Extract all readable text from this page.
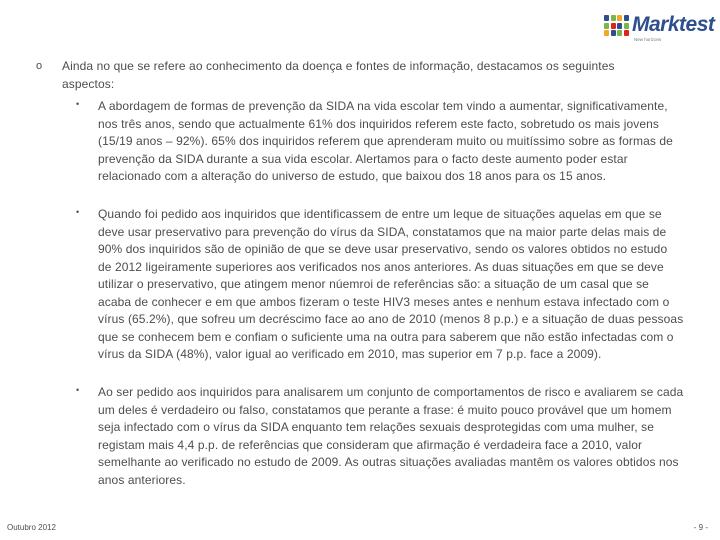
Marktest
New horizons
o Ainda no que se refere ao conhecimento da doença e fontes de informação, destacamos os seguintes aspectos:
• A abordagem de formas de prevenção da SIDA na vida escolar tem vindo a aumentar, significativamente, nos três anos, sendo que actualmente 61% dos inquiridos referem este facto, sobretudo os mais jovens (15/19 anos – 92%). 65% dos inquiridos referem que aprenderam muito ou muitíssimo sobre as formas de prevenção da SIDA durante a sua vida escolar. Alertamos para o facto deste aumento poder estar relacionado com a alteração do universo de estudo, que baixou dos 18 anos para os 15 anos.
• Quando foi pedido aos inquiridos que identificassem de entre um leque de situações aquelas em que se deve usar preservativo para prevenção do vírus da SIDA, constatamos que na maior parte delas mais de 90% dos inquiridos são de opinião de que se deve usar preservativo, sendo os valores obtidos no estudo de 2012 ligeiramente superiores aos verificados nos anos anteriores. As duas situações em que se deve utilizar o preservativo, que atingem menor núemroi de referências são: a situação de um casal que se acaba de conhecer e em que ambos fizeram o teste HIV3 meses antes e nenhum estava infectado com o vírus (65.2%), que sofreu um decréscimo face ao ano de 2010 (menos 8 p.p.) e a situação de duas pessoas que se conhecem bem e confiam o suficiente uma na outra para saberem que não estão infectadas com o vírus da SIDA (48%), valor igual ao verificado em 2010, mas superior em 7 p.p. face a 2009).
• Ao ser pedido aos inquiridos para analisarem um conjunto de comportamentos de risco e avaliarem se cada um deles é verdadeiro ou falso, constatamos que perante a frase: é muito pouco provável que um homem seja infectado com o vírus da SIDA enquanto tem relações sexuais desprotegidas com uma mulher, se registam mais 4,4 p.p. de referências que consideram que afirmação é verdadeira face a 2010, valor semelhante ao verificado no estudo de 2009. As outras situações avaliadas mantêm os valores obtidos nos anos anteriores.
Outubro 2012	- 9 -
